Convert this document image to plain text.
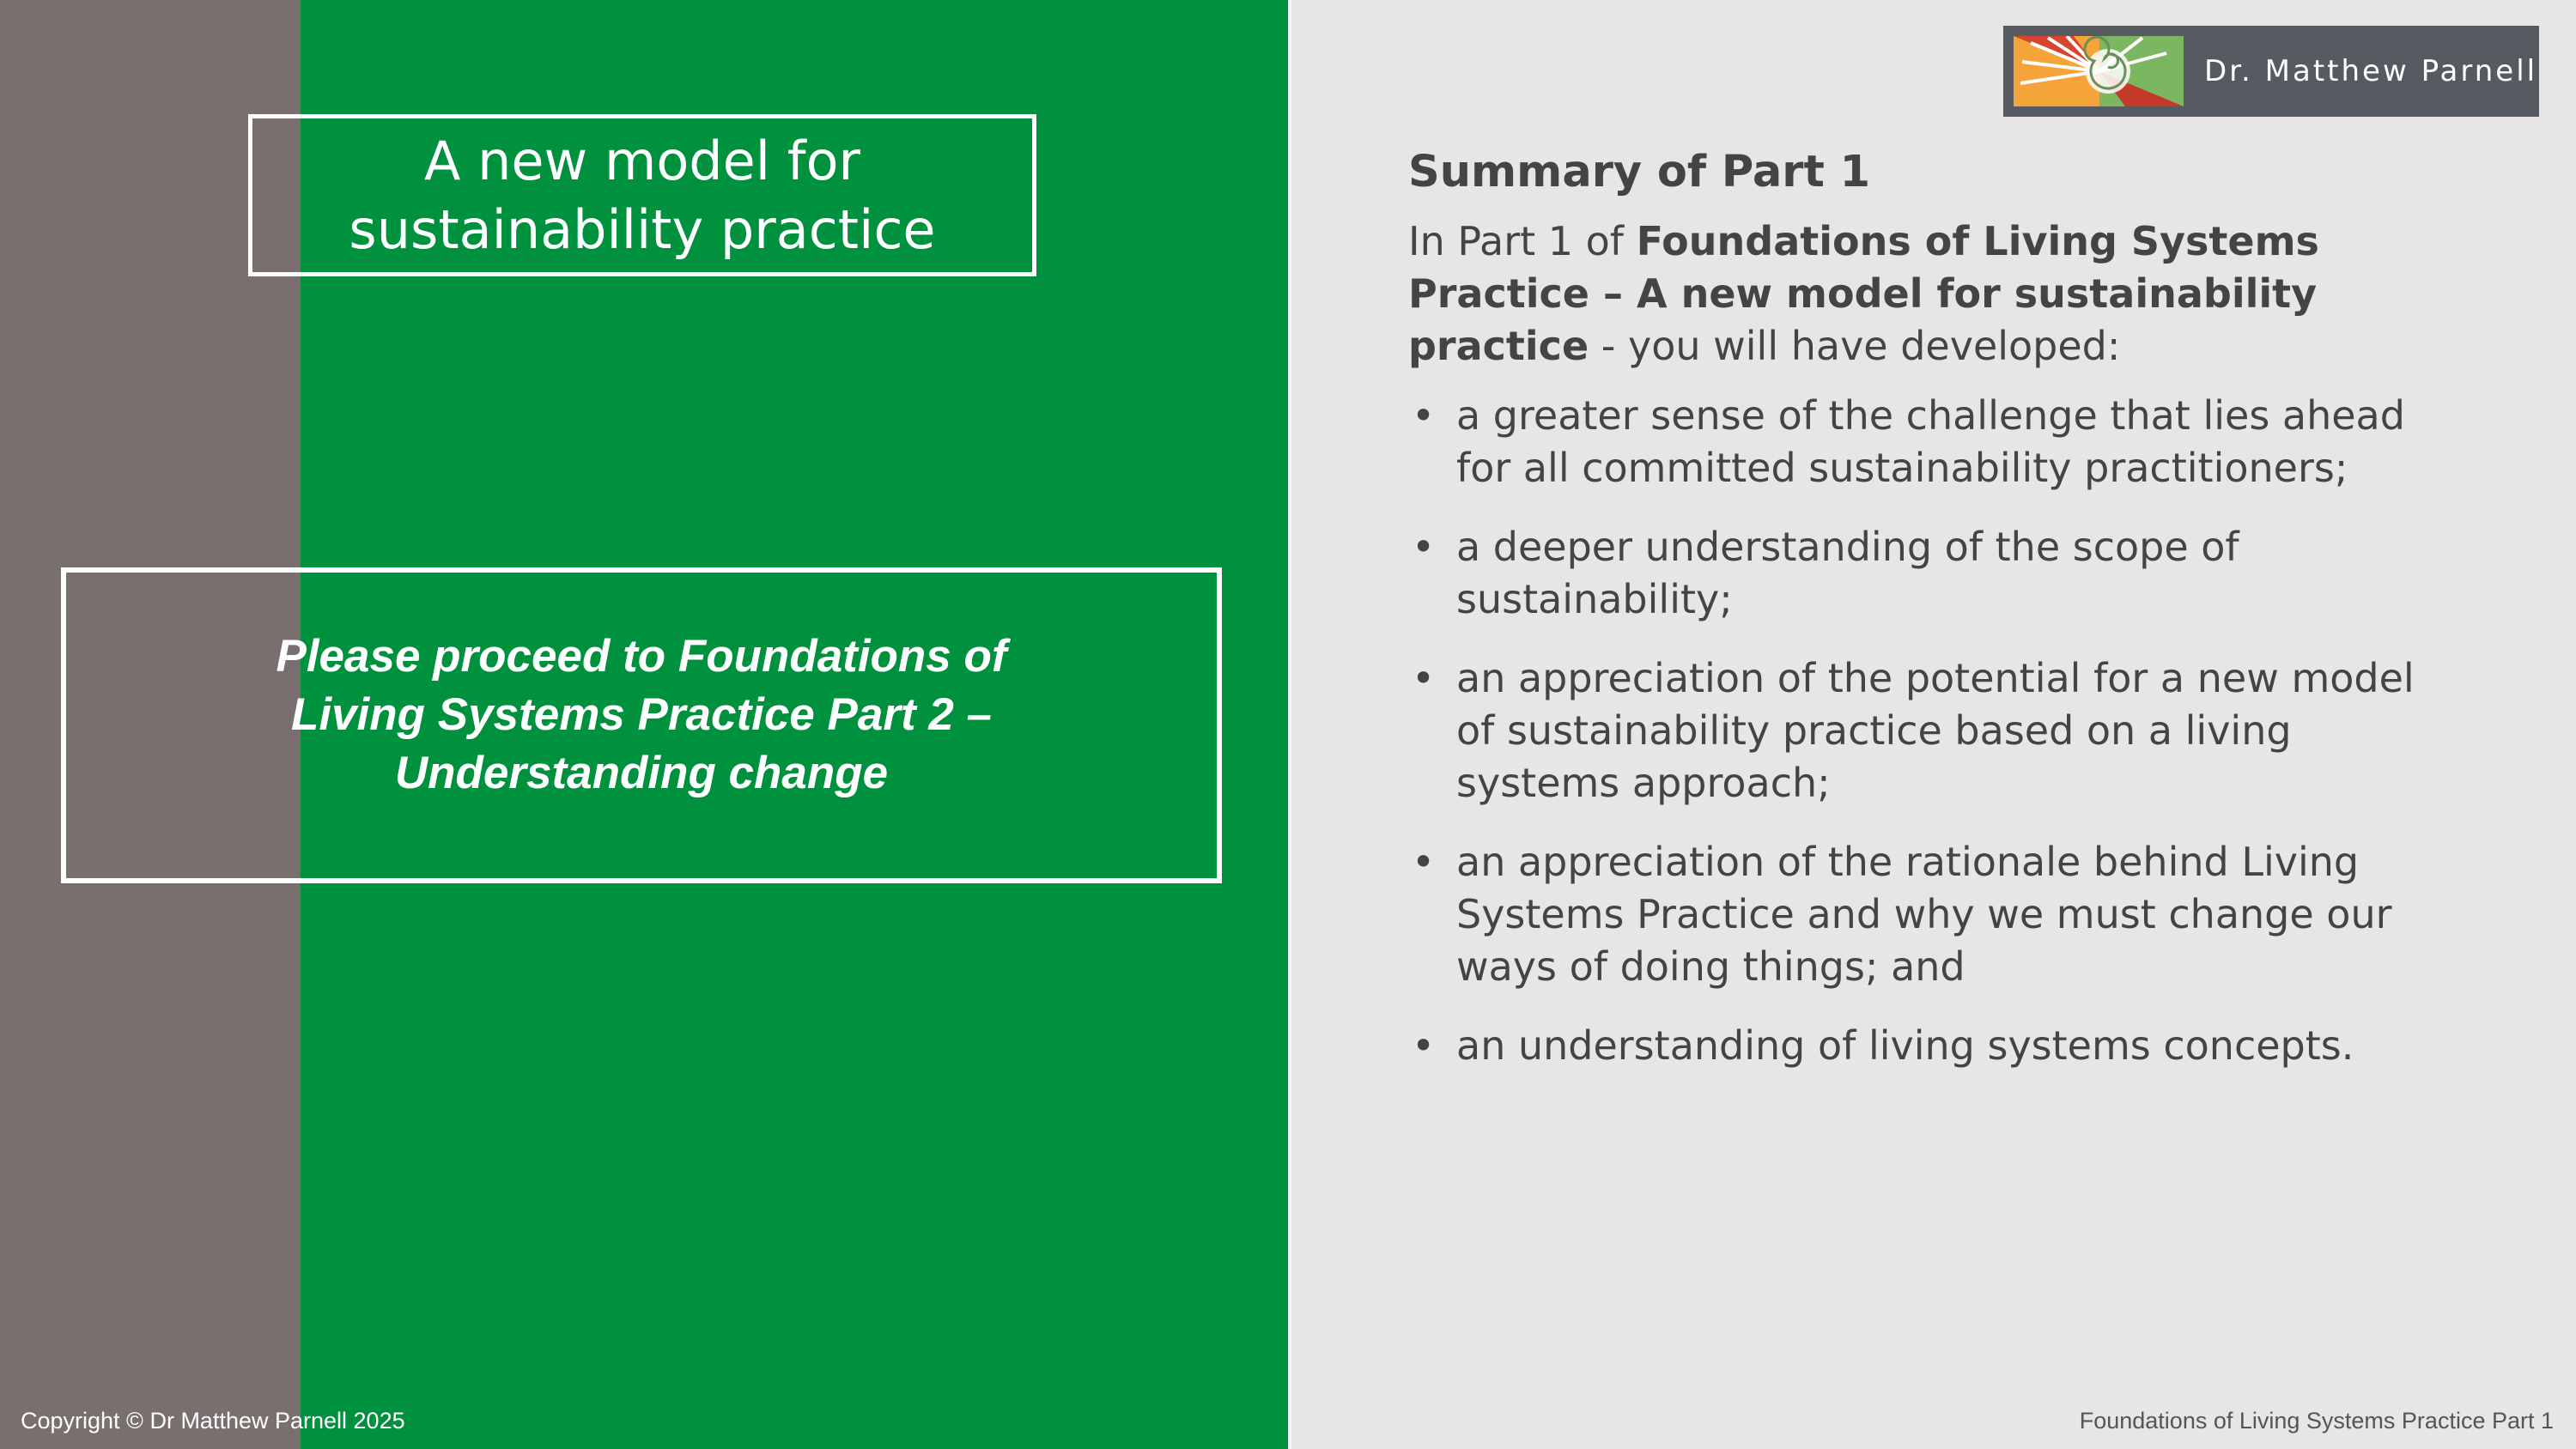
A new model for
sustainability practice
Please proceed to Foundations of
Living Systems Practice Part 2 –
Understanding change
Dr. Matthew Parnell
Summary of Part 1
In Part 1 of Foundations of Living Systems Practice – A new model for sustainability practice - you will have developed:
• a greater sense of the challenge that lies ahead for all committed sustainability practitioners;
• a deeper understanding of the scope of sustainability;
• an appreciation of the potential for a new model of sustainability practice based on a living systems approach;
• an appreciation of the rationale behind Living Systems Practice and why we must change our ways of doing things; and
• an understanding of living systems concepts.
Copyright © Dr Matthew Parnell 2025	Foundations of Living Systems Practice Part 1
